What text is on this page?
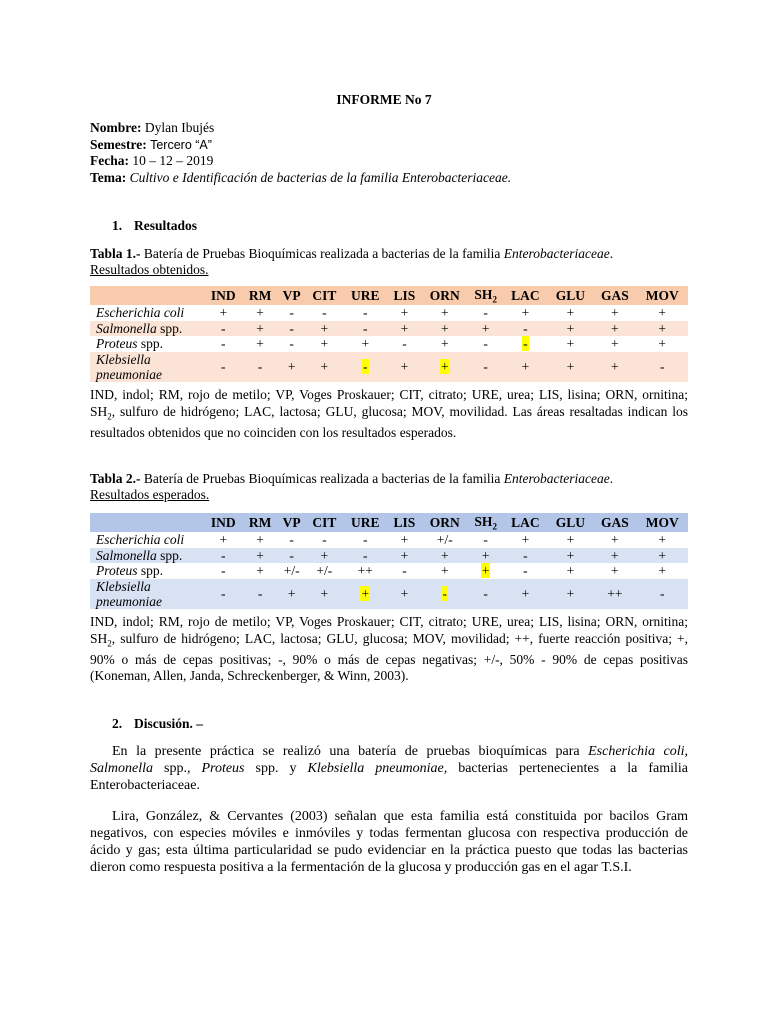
INFORME No 7
Nombre: Dylan Ibujés
Semestre: Tercero “A”
Fecha: 10 – 12 – 2019
Tema: Cultivo e Identificación de bacterias de la familia Enterobacteriaceae.
1. Resultados
Tabla 1.- Batería de Pruebas Bioquímicas realizada a bacterias de la familia Enterobacteriaceae.
Resultados obtenidos.
	IND	RM	VP	CIT	URE	LIS	ORN	$SH_2$	LAC	GLU	GAS	MOV
Escherichia coli	+	+	-	-	-	+	+	-	+	+	+	+
Salmonella spp.	-	+	-	+	-	+	+	+	-	+	+	+
Proteus spp.	-	+	-	+	+	-	+	-	-	+	+	+
Klebsiella pneumoniae	-	-	+	+	-	+	+	-	+	+	+	-
IND, indol; RM, rojo de metilo; VP, Voges Proskauer; CIT, citrato; URE, urea; LIS, lisina; ORN, ornitina; $SH_2$, sulfuro de hidrógeno; LAC, lactosa; GLU, glucosa; MOV, movilidad. Las áreas resaltadas indican los resultados obtenidos que no coinciden con los resultados esperados.
Tabla 2.- Batería de Pruebas Bioquímicas realizada a bacterias de la familia Enterobacteriaceae.
Resultados esperados.
	IND	RM	VP	CIT	URE	LIS	ORN	$SH_2$	LAC	GLU	GAS	MOV
Escherichia coli	+	+	-	-	-	+	+/-	-	+	+	+	+
Salmonella spp.	-	+	-	+	-	+	+	+	-	+	+	+
Proteus spp.	-	+	+/-	+/-	++	-	+	+	-	+	+	+
Klebsiella pneumoniae	-	-	+	+	+	+	-	-	+	+	++	-
IND, indol; RM, rojo de metilo; VP, Voges Proskauer; CIT, citrato; URE, urea; LIS, lisina; ORN, ornitina; $SH_2$, sulfuro de hidrógeno; LAC, lactosa; GLU, glucosa; MOV, movilidad; ++, fuerte reacción positiva; +, 90% o más de cepas positivas; -, 90% o más de cepas negativas; +/-, 50% - 90% de cepas positivas (Koneman, Allen, Janda, Schreckenberger, & Winn, 2003).
2. Discusión. –
En la presente práctica se realizó una batería de pruebas bioquímicas para Escherichia coli, Salmonella spp., Proteus spp. y Klebsiella pneumoniae, bacterias pertenecientes a la familia Enterobacteriaceae.
Lira, González, & Cervantes (2003) señalan que esta familia está constituida por bacilos Gram negativos, con especies móviles e inmóviles y todas fermentan glucosa con respectiva producción de ácido y gas; esta última particularidad se pudo evidenciar en la práctica puesto que todas las bacterias dieron como respuesta positiva a la fermentación de la glucosa y producción gas en el agar T.S.I.
